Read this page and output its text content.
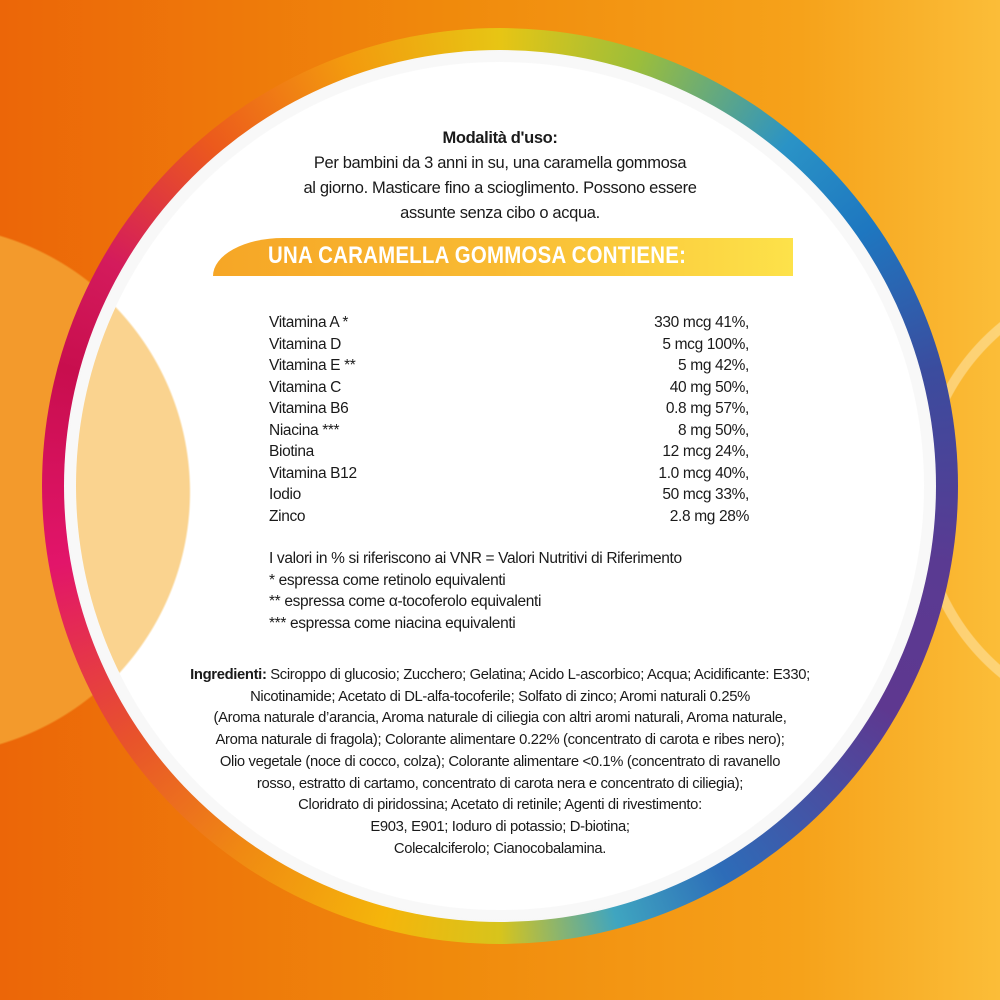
Modalità d'uso:
Per bambini da 3 anni in su, una caramella gommosa
al giorno. Masticare fino a scioglimento. Possono essere
assunte senza cibo o acqua.
UNA CARAMELLA GOMMOSA CONTIENE:
Vitamina A *	330 mcg 41%,
Vitamina D	5 mcg 100%,
Vitamina E **	5 mg 42%,
Vitamina C	40 mg 50%,
Vitamina B6	0.8 mg 57%,
Niacina ***	8 mg 50%,
Biotina	12 mcg 24%,
Vitamina B12	1.0 mcg 40%,
Iodio	50 mcg 33%,
Zinco	2.8 mg 28%
I valori in % si riferiscono ai VNR = Valori Nutritivi di Riferimento
* espressa come retinolo equivalenti
** espressa come α-tocoferolo equivalenti
*** espressa come niacina equivalenti
Ingredienti: Sciroppo di glucosio; Zucchero; Gelatina; Acido L-ascorbico; Acqua; Acidificante: E330;
Nicotinamide; Acetato di DL-alfa-tocoferile; Solfato di zinco; Aromi naturali 0.25%
(Aroma naturale d’arancia, Aroma naturale di ciliegia con altri aromi naturali, Aroma naturale,
Aroma naturale di fragola); Colorante alimentare 0.22% (concentrato di carota e ribes nero);
Olio vegetale (noce di cocco, colza); Colorante alimentare <0.1% (concentrato di ravanello
rosso, estratto di cartamo, concentrato di carota nera e concentrato di ciliegia);
Cloridrato di piridossina; Acetato di retinile; Agenti di rivestimento:
E903, E901; Ioduro di potassio; D-biotina;
Colecalciferolo; Cianocobalamina.
